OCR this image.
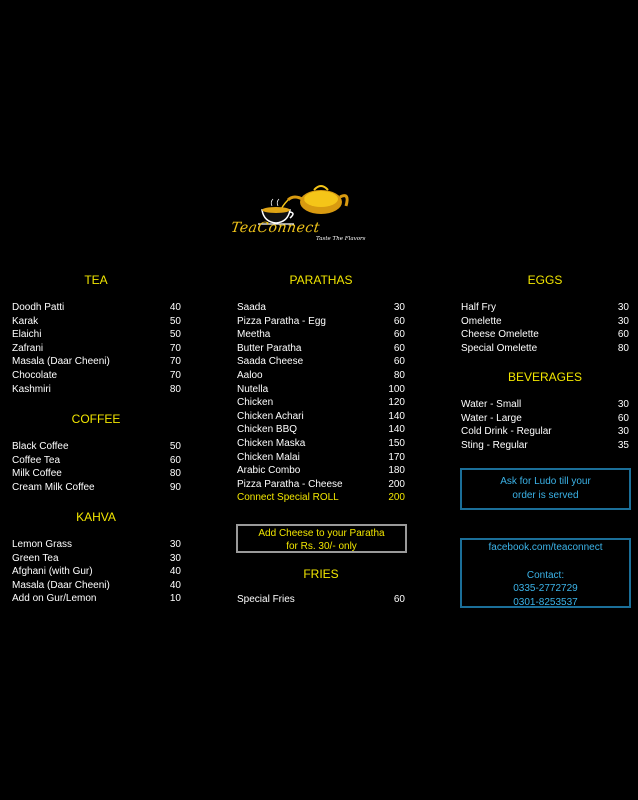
TeaConnect
Taste The Flavors
TEA
Doodh Patti	40
Karak	50
Elaichi	50
Zafrani	70
Masala (Daar Cheeni)	70
Chocolate	70
Kashmiri	80
COFFEE
Black Coffee	50
Coffee Tea	60
Milk Coffee	80
Cream Milk Coffee	90
KAHVA
Lemon Grass	30
Green Tea	30
Afghani (with Gur)	40
Masala (Daar Cheeni)	40
Add on Gur/Lemon	10
PARATHAS
Saada	30
Pizza Paratha - Egg	60
Meetha	60
Butter Paratha	60
Saada Cheese	60
Aaloo	80
Nutella	100
Chicken	120
Chicken Achari	140
Chicken BBQ	140
Chicken Maska	150
Chicken Malai	170
Arabic Combo	180
Pizza Paratha - Cheese	200
Connect Special ROLL	200
Add Cheese to your Paratha
for Rs. 30/- only
FRIES
Special Fries	60
EGGS
Half Fry	30
Omelette	30
Cheese Omelette	60
Special Omelette	80
BEVERAGES
Water - Small	30
Water - Large	60
Cold Drink - Regular	30
Sting - Regular	35
Ask for Ludo till your
order is served
facebook.com/teaconnect
Contact:
0335-2772729
0301-8253537
